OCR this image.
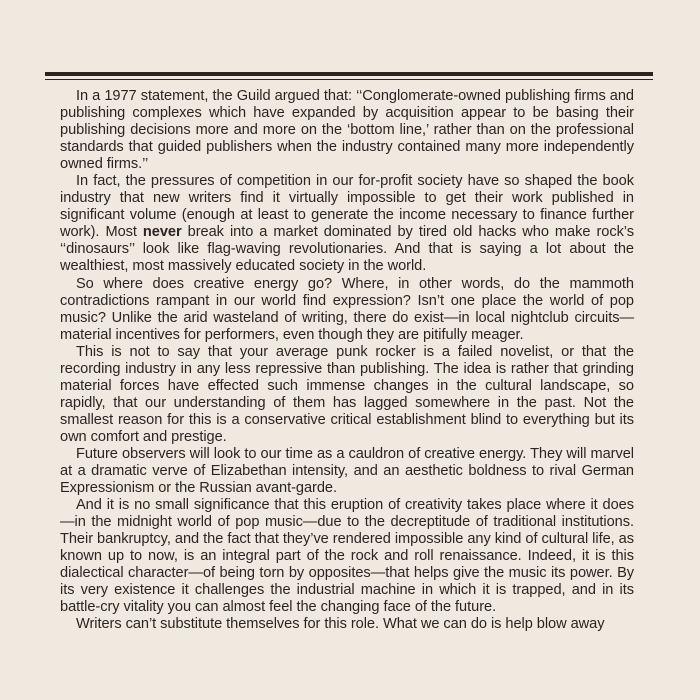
In a 1977 statement, the Guild argued that: ‘‘Conglomerate-owned publishing firms and publishing complexes which have expanded by acquisition appear to be basing their publishing decisions more and more on the ‘bottom line,’ rather than on the professional standards that guided publishers when the industry contained many more independently owned firms.’’

In fact, the pressures of competition in our for-profit society have so shaped the book industry that new writers find it virtually impossible to get their work published in significant volume (enough at least to generate the income necessary to finance further work). Most never break into a market dominated by tired old hacks who make rock’s ‘‘dinosaurs’’ look like flag-waving revolutionaries. And that is saying a lot about the wealthiest, most massively educated society in the world.

So where does creative energy go? Where, in other words, do the mammoth contradictions rampant in our world find expression? Isn’t one place the world of pop music? Unlike the arid wasteland of writing, there do exist—in local nightclub circuits—material incentives for performers, even though they are pitifully meager.

This is not to say that your average punk rocker is a failed novelist, or that the recording industry in any less repressive than publishing. The idea is rather that grinding material forces have effected such immense changes in the cultural landscape, so rapidly, that our understanding of them has lagged somewhere in the past. Not the smallest reason for this is a conservative critical establishment blind to everything but its own comfort and prestige.

Future observers will look to our time as a cauldron of creative energy. They will marvel at a dramatic verve of Elizabethan intensity, and an aesthetic boldness to rival German Expressionism or the Russian avant-garde.

And it is no small significance that this eruption of creativity takes place where it does—in the midnight world of pop music—due to the decreptitude of traditional institutions. Their bankruptcy, and the fact that they’ve rendered impossible any kind of cultural life, as known up to now, is an integral part of the rock and roll renaissance. Indeed, it is this dialectical character—of being torn by opposites—that helps give the music its power. By its very existence it challenges the industrial machine in which it is trapped, and in its battle-cry vitality you can almost feel the changing face of the future.

Writers can’t substitute themselves for this role. What we can do is help blow away
